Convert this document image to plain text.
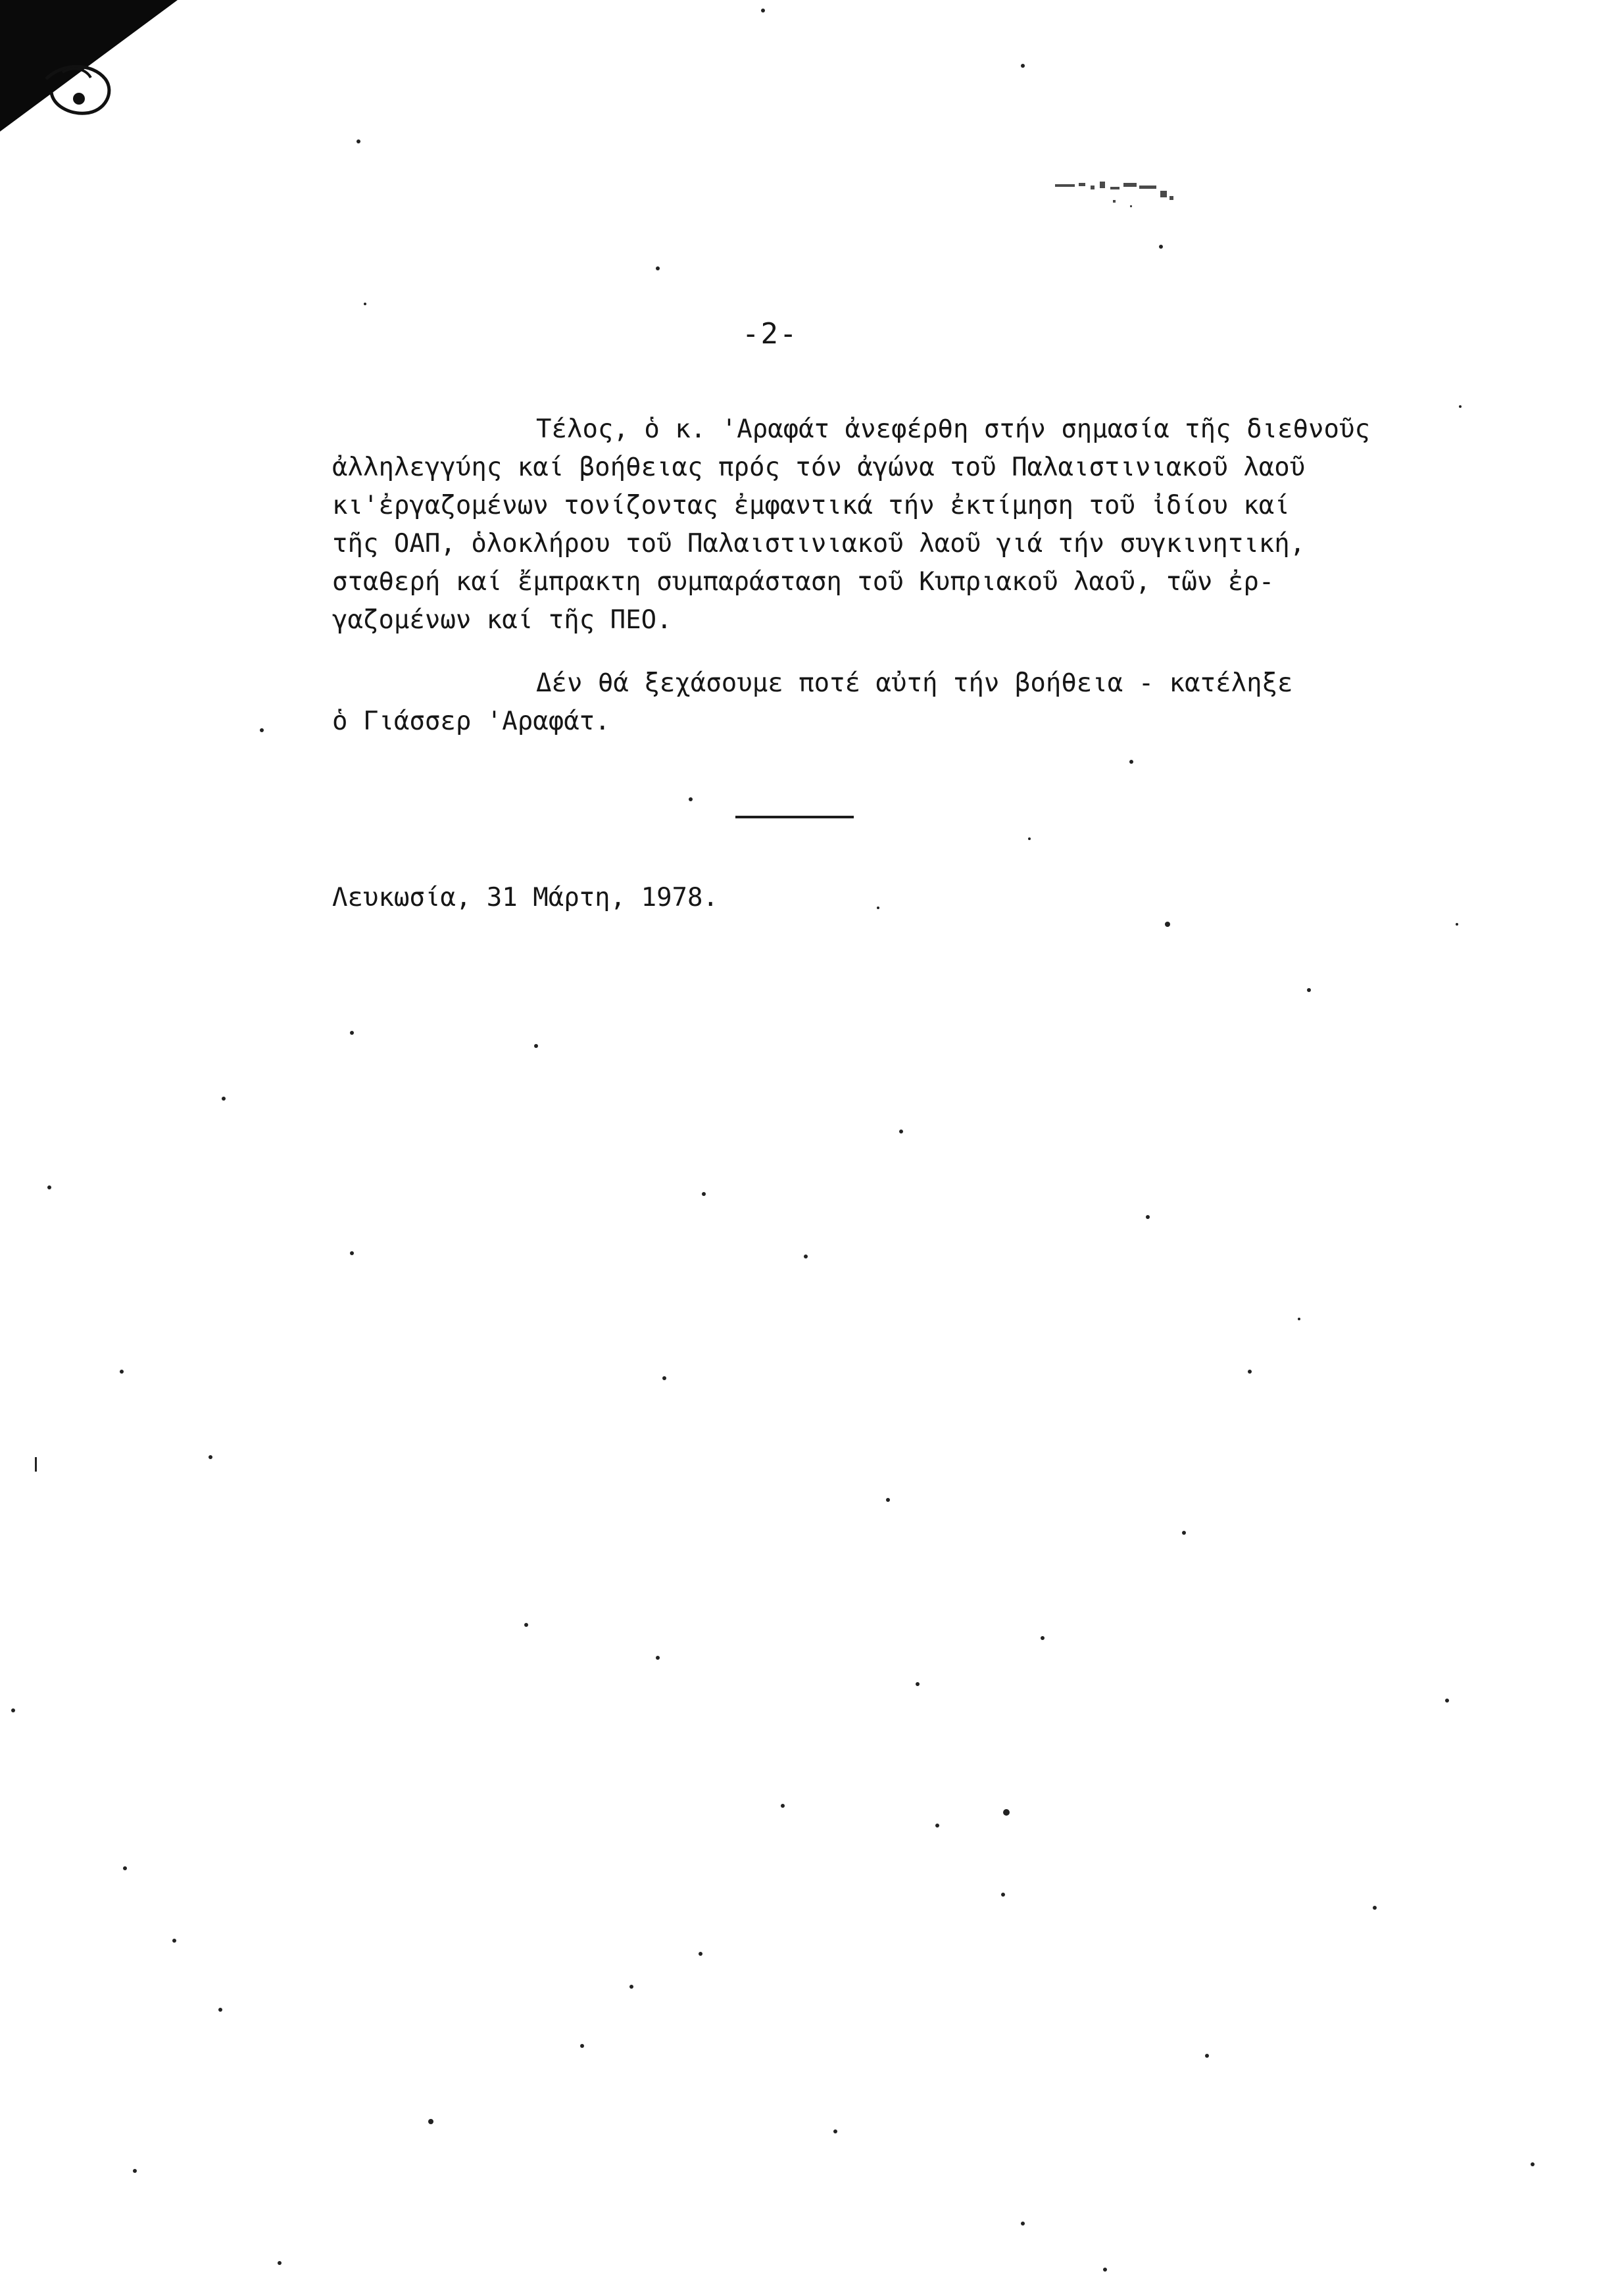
-2-
Τέλος, ὁ κ. 'Αραφάτ ἀνεφέρθη στήν σημασία τῆς διεθνοῦς
ἀλληλεγγύης καί βοήθειας πρός τόν ἀγώνα τοῦ Παλαιστινιακοῦ λαοῦ
κι'ἐργαζομένων τονίζοντας ἐμφαντικά τήν ἐκτίμηση τοῦ ἰδίου καί
τῆς ΟΑΠ, ὁλοκλήρου τοῦ Παλαιστινιακοῦ λαοῦ γιά τήν συγκινητική,
σταθερή καί ἔμπρακτη συμπαράσταση τοῦ Κυπριακοῦ λαοῦ, τῶν ἐρ-
γαζομένων καί τῆς ΠΕΟ.
Δέν θά ξεχάσουμε ποτέ αὐτή τήν βοήθεια - κατέληξε
ὁ Γιάσσερ 'Αραφάτ.
Λευκωσία, 31 Μάρτη, 1978.
